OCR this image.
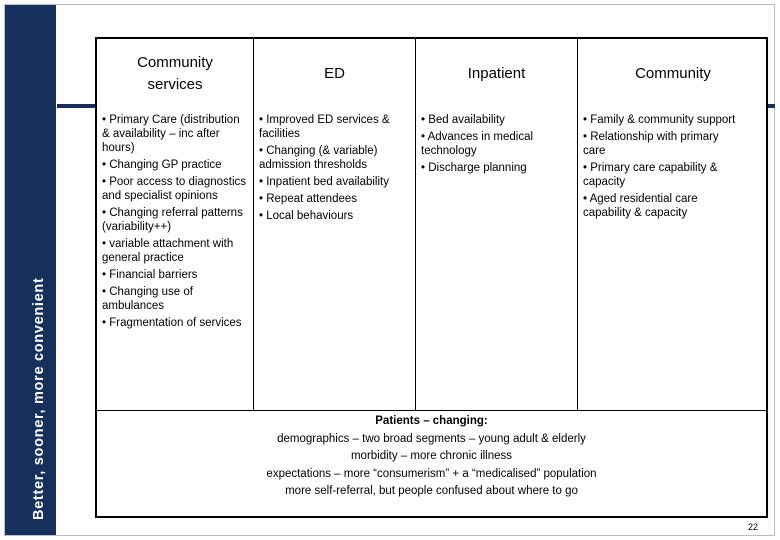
Better, sooner, more convenient
Community services
ED	Inpatient	Community

• Primary Care (distribution & availability – inc after hours)

• Changing GP practice

• Poor access to diagnostics and specialist opinions

• Changing referral patterns (variability++)

• variable attachment with general practice

• Financial barriers

• Changing use of ambulances

• Fragmentation of services

• Improved ED services & facilities

• Changing (& variable) admission thresholds

• Inpatient bed availability

• Repeat attendees

• Local behaviours

• Bed availability

• Advances in medical technology

• Discharge planning

• Family & community support

• Relationship with primary care

• Primary care capability & capacity

• Aged residential care capability & capacity

Patients – changing:
demographics – two broad segments – young adult & elderly
morbidity – more chronic illness
expectations – more “consumerism” + a “medicalised” population
more self-referral, but people confused about where to go
22
